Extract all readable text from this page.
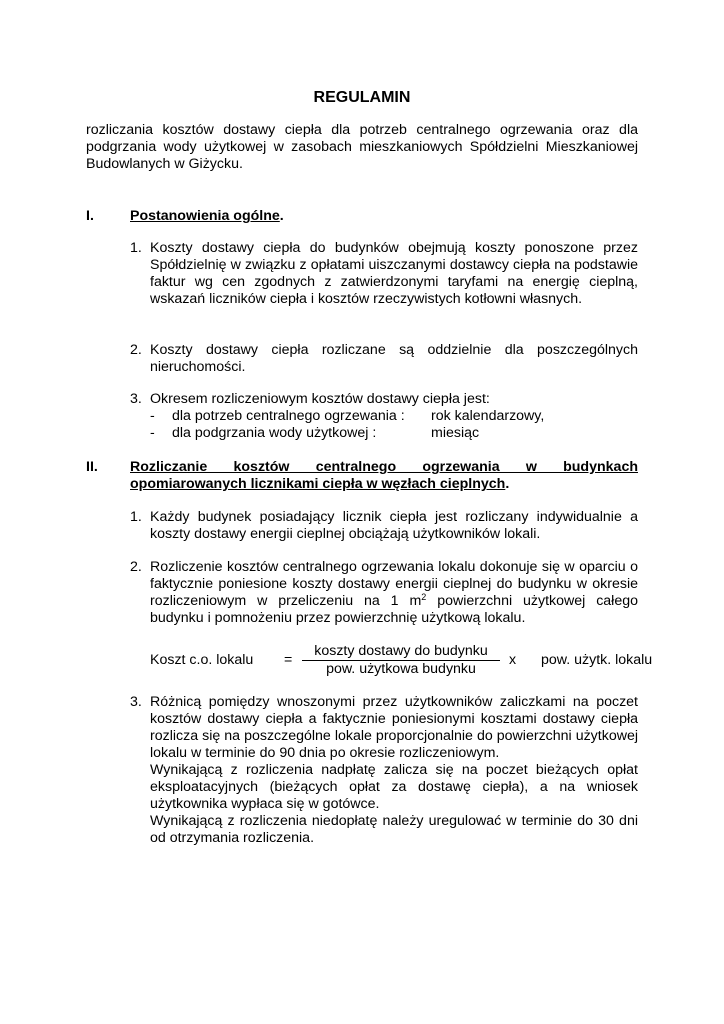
REGULAMIN
rozliczania kosztów dostawy ciepła dla potrzeb centralnego ogrzewania oraz dla podgrzania wody użytkowej w zasobach mieszkaniowych Spółdzielni Mieszkaniowej Budowlanych w Giżycku.
I.	Postanowienia ogólne.
1. Koszty dostawy ciepła do budynków obejmują koszty ponoszone przez Spółdzielnię w związku z opłatami uiszczanymi dostawcy ciepła na podstawie faktur wg cen zgodnych z zatwierdzonymi taryfami na energię cieplną, wskazań liczników ciepła i kosztów rzeczywistych kotłowni własnych.
2. Koszty dostawy ciepła rozliczane są oddzielnie dla poszczególnych nieruchomości.
3. Okresem rozliczeniowym kosztów dostawy ciepła jest:
- dla potrzeb centralnego ogrzewania : rok kalendarzowy,
- dla podgrzania wody użytkowej :	miesiąc
II. Rozliczanie kosztów centralnego ogrzewania w budynkach
opomiarowanych licznikami ciepła w węzłach cieplnych.
1. Każdy budynek posiadający licznik ciepła jest rozliczany indywidualnie a koszty dostawy energii cieplnej obciążają użytkowników lokali.
2. Rozliczenie kosztów centralnego ogrzewania lokalu dokonuje się w oparciu o faktycznie poniesione koszty dostawy energii cieplnej do budynku w okresie rozliczeniowym w przeliczeniu na 1 $m^2$ powierzchni użytkowej całego budynku i pomnożeniu przez powierzchnię użytkową lokalu.
Koszt c.o. lokalu =
koszty dostawy do budynku
pow. użytkowa budynku
x pow. użytk. lokalu
3. Różnicą pomiędzy wnoszonymi przez użytkowników zaliczkami na poczet kosztów dostawy ciepła a faktycznie poniesionymi kosztami dostawy ciepła rozlicza się na poszczególne lokale proporcjonalnie do powierzchni użytkowej lokalu w terminie do 90 dnia po okresie rozliczeniowym.
Wynikającą z rozliczenia nadpłatę zalicza się na poczet bieżących opłat eksploatacyjnych (bieżących opłat za dostawę ciepła), a na wniosek użytkownika wypłaca się w gotówce.
Wynikającą z rozliczenia niedopłatę należy uregulować w terminie do 30 dni od otrzymania rozliczenia.
